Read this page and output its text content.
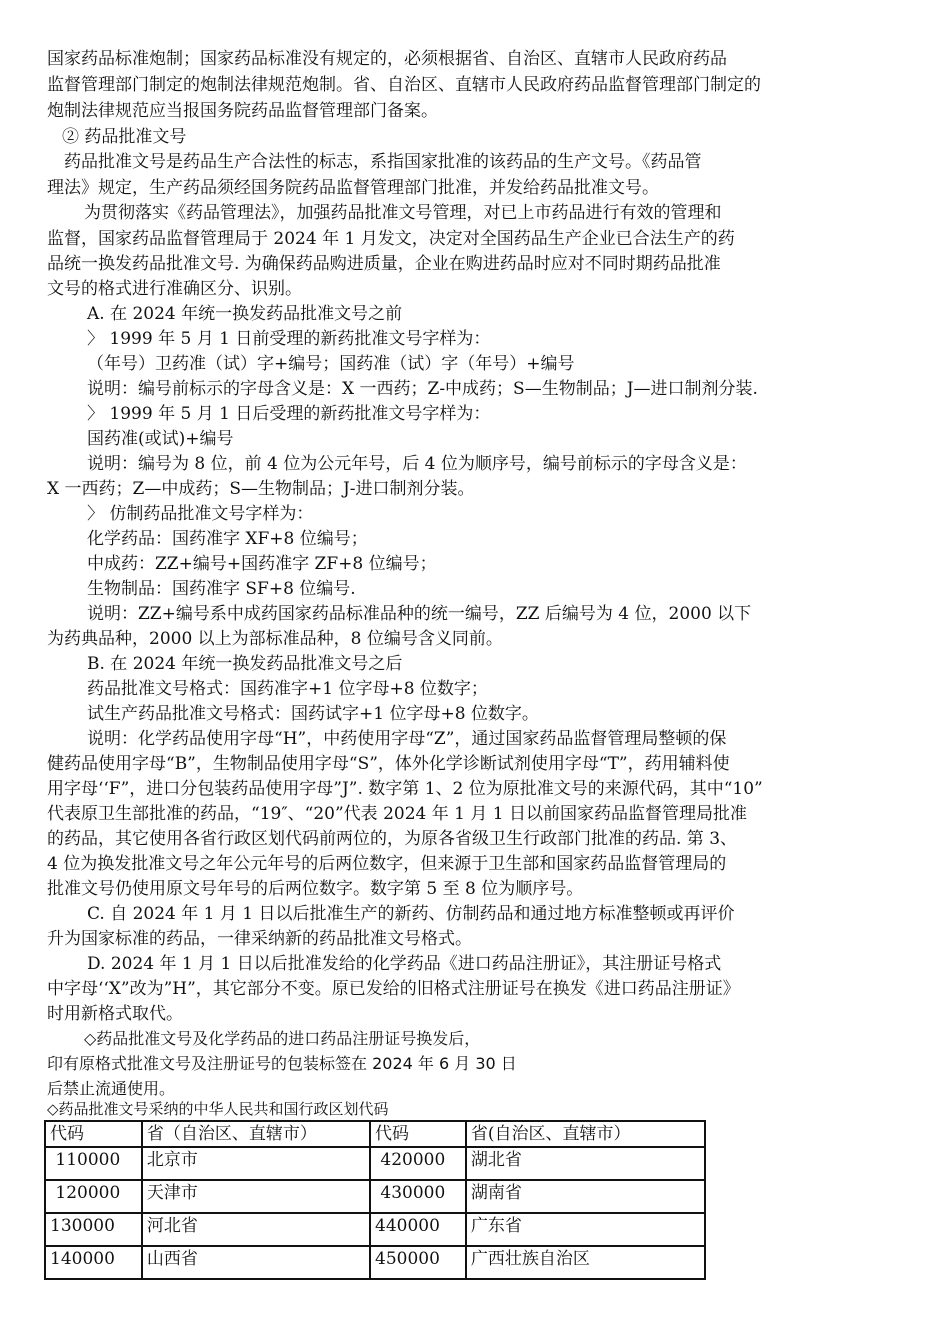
国家药品标准炮制；国家药品标准没有规定的，必须根据省、自治区、直辖市人民政府药品
监督管理部门制定的炮制法律规范炮制。省、自治区、直辖市人民政府药品监督管理部门制定的
炮制法律规范应当报国务院药品监督管理部门备案。
② 药品批准文号
药品批准文号是药品生产合法性的标志，系指国家批准的该药品的生产文号。《药品管
理法》规定，生产药品须经国务院药品监督管理部门批准，并发给药品批准文号。
为贯彻落实《药品管理法》，加强药品批准文号管理，对已上市药品进行有效的管理和
监督，国家药品监督管理局于 2024 年 1 月发文，决定对全国药品生产企业已合法生产的药
品统一换发药品批准文号. 为确保药品购进质量，企业在购进药品时应对不同时期药品批准
文号的格式进行准确区分、识别。
A. 在 2024 年统一换发药品批准文号之前
〉 1999 年 5 月 1 日前受理的新药批准文号字样为：
（年号）卫药准（试）字+编号；国药准（试）字（年号）+编号
说明：编号前标示的字母含义是：X 一西药；Z-中成药；S—生物制品；J—进口制剂分装.
〉 1999 年 5 月 1 日后受理的新药批准文号字样为：
国药准(或试)+编号
说明：编号为 8 位，前 4 位为公元年号，后 4 位为顺序号，编号前标示的字母含义是：
X 一西药；Z—中成药；S—生物制品；J-进口制剂分装。
〉 仿制药品批准文号字样为：
化学药品：国药准字 XF+8 位编号；
中成药：ZZ+编号+国药准字 ZF+8 位编号；
生物制品：国药准字 SF+8 位编号.
说明：ZZ+编号系中成药国家药品标准品种的统一编号，ZZ 后编号为 4 位，2000 以下
为药典品种，2000 以上为部标准品种，8 位编号含义同前。
B. 在 2024 年统一换发药品批准文号之后
药品批准文号格式：国药准字+1 位字母+8 位数字；
试生产药品批准文号格式：国药试字+1 位字母+8 位数字。
说明：化学药品使用字母“H”，中药使用字母“Z”，通过国家药品监督管理局整顿的保
健药品使用字母“B”，生物制品使用字母“S”，体外化学诊断试剂使用字母“T”，药用辅料使
用字母‘‘F”，进口分包装药品使用字母”J”. 数字第 1、2 位为原批准文号的来源代码，其中“10”
代表原卫生部批准的药品，“19″、“20”代表 2024 年 1 月 1 日以前国家药品监督管理局批准
的药品，其它使用各省行政区划代码前两位的，为原各省级卫生行政部门批准的药品. 第 3、
4 位为换发批准文号之年公元年号的后两位数字，但来源于卫生部和国家药品监督管理局的
批准文号仍使用原文号年号的后两位数字。数字第 5 至 8 位为顺序号。
C. 自 2024 年 1 月 1 日以后批准生产的新药、仿制药品和通过地方标准整顿或再评价
升为国家标准的药品，一律采纳新的药品批准文号格式。
D. 2024 年 1 月 1 日以后批准发给的化学药品《进口药品注册证》，其注册证号格式
中字母‘‘X”改为”H”，其它部分不变。原已发给的旧格式注册证号在换发《进口药品注册证》
时用新格式取代。
◇药品批准文号及化学药品的进口药品注册证号换发后，
印有原格式批准文号及注册证号的包装标签在 2024 年 6 月 30 日
后禁止流通使用。
◇药品批准文号采纳的中华人民共和国行政区划代码
代码	省（自治区、直辖市）	代码	省(自治区、直辖市）
110000	北京市	420000	湖北省
120000	天津市	430000	湖南省
130000	河北省	440000	广东省
140000	山西省	450000	广西壮族自治区
